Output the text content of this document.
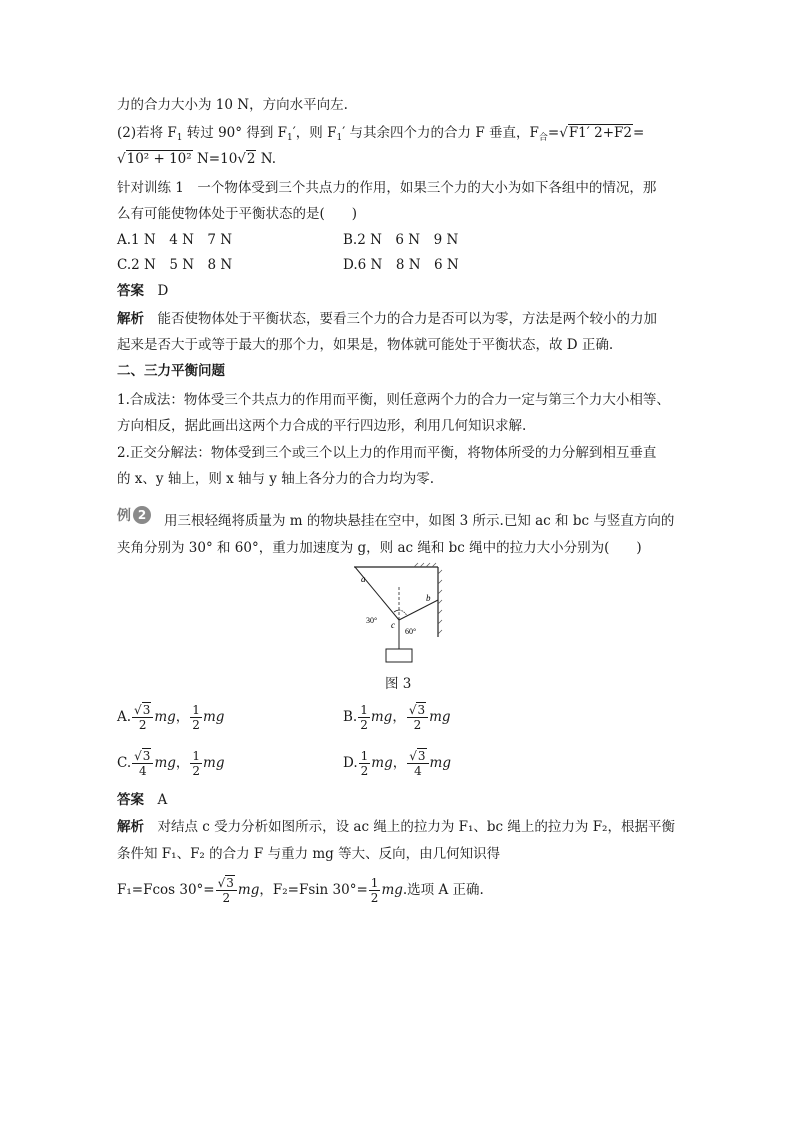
力的合力大小为 10 N，方向水平向左.
(2)若将 $F_1$ 转过 90° 得到 $F_1'$，则 $F_1'$ 与其余四个力的合力 F 垂直，$F_合=√F1'$ 2+F2=
√10² + 10² N=10√2 N.
针对训练 1　一个物体受到三个共点力的作用，如果三个力的大小为如下各组中的情况，那
么有可能使物体处于平衡状态的是(　　)
A.1 N　4 N　7 N	B.2 N　6 N　9 N
C.2 N　5 N　8 N	D.6 N　8 N　6 N
答案　 D
解析　 能否使物体处于平衡状态，要看三个力的合力是否可以为零，方法是两个较小的力加
起来是否大于或等于最大的那个力，如果是，物体就可能处于平衡状态，故 D 正确.
二、三力平衡问题
1.合成法：物体受三个共点力的作用而平衡，则任意两个力的合力一定与第三个力大小相等、
方向相反，据此画出这两个力合成的平行四边形，利用几何知识求解.
2.正交分解法：物体受到三个或三个以上力的作用而平衡，将物体所受的力分解到相互垂直
的 x、y 轴上，则 x 轴与 y 轴上各分力的合力均为零.
例 2	用三根轻绳将质量为 m 的物块悬挂在空中，如图 3 所示.已知 ac 和 bc 与竖直方向的
夹角分别为 30° 和 60°，重力加速度为 g，则 ac 绳和 bc 绳中的拉力大小分别为(　　)
a
b
c
30°
60°
图 3
A. $\frac{√3}{2}$ mg， $\frac{1}{2}$ mg	B. $\frac{1}{2}$ mg， $\frac{√3}{2}$ mg
C. $\frac{√3}{4}$ mg， $\frac{1}{2}$ mg	D. $\frac{1}{2}$ mg， $\frac{√3}{4}$ mg
答案　 A
解析　 对结点 c 受力分析如图所示，设 ac 绳上的拉力为 F₁、bc 绳上的拉力为 F₂，根据平衡
条件知 F₁、F₂ 的合力 F 与重力 mg 等大、反向，由几何知识得
F₁=Fcos $30^\circ= \frac{√3}{2}$ mg，F₂=Fsin $30^\circ= \frac{1}{2}$ mg.选项 A 正确.
